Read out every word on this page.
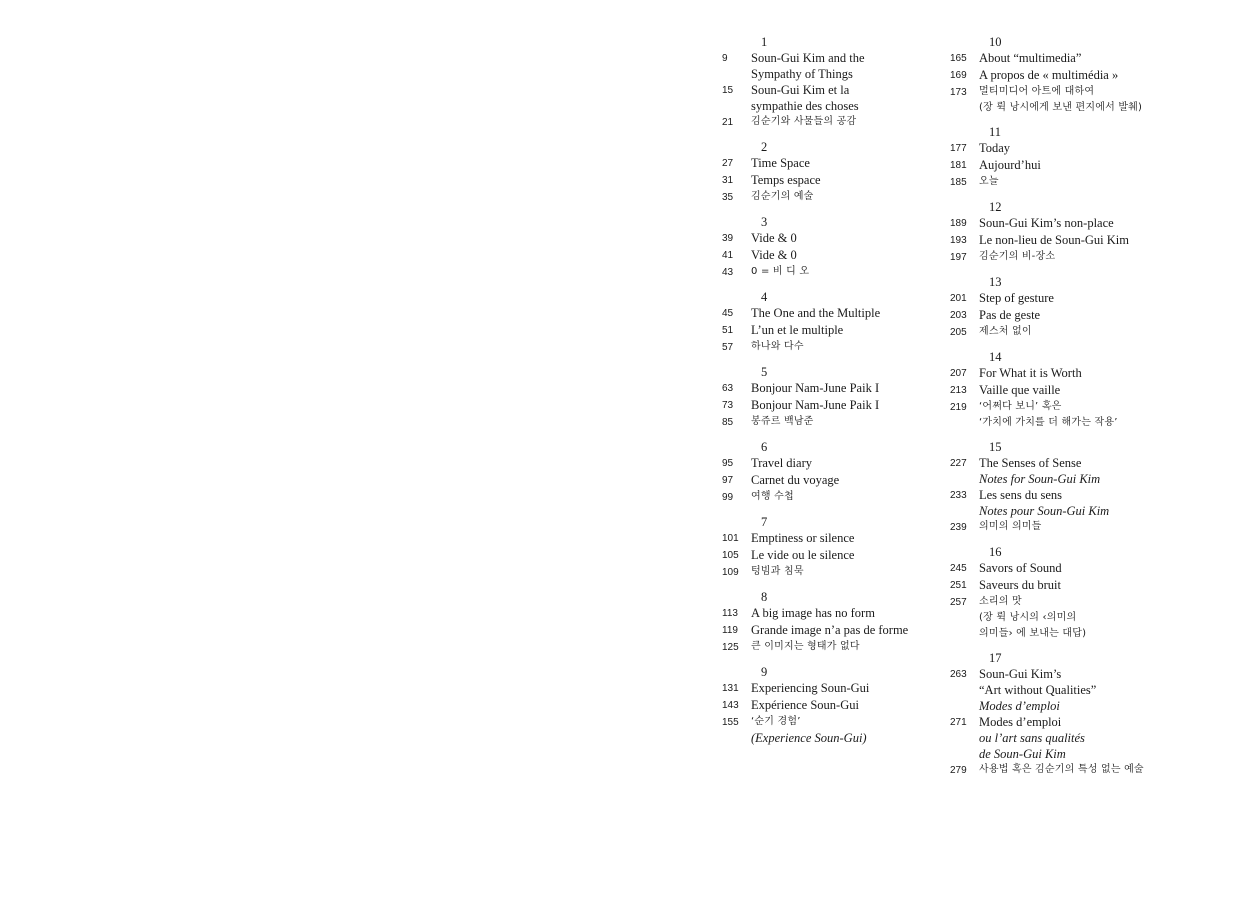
1
9	Soun-Gui Kim and the
Sympathy of Things
15	Soun-Gui Kim et la
sympathie des choses
21	김순기와 사물들의 공감
2
27	Time Space
31	Temps espace
35	김순기의 예술
3
39	Vide & 0
41	Vide & 0
43	0 = 비 디 오
4
45	The One and the Multiple
51	L’un et le multiple
57	하나와 다수
5
63	Bonjour Nam-June Paik I
73	Bonjour Nam-June Paik I
85	봉쥬르 백남준
6
95	Travel diary
97	Carnet du voyage
99	여행 수첩
7
101 Emptiness or silence
105 Le vide ou le silence
109	텅빔과 침묵
8
113	A big image has no form
119	Grande image n’a pas de forme
125	큰 이미지는 형태가 없다
9
131 Experiencing Soun-Gui
143 Expérience Soun-Gui
155	‘순기 경험’
(Experience Soun-Gui)
10
165 About “multimedia”
169 A propos de « multimédia »
173	멀티미디어 아트에 대하여
(장 뤽 낭시에게 보낸 편지에서 발췌)
11
177 Today
181 Aujourd’hui
185	오늘
12
189 Soun-Gui Kim’s non-place
193 Le non-lieu de Soun-Gui Kim
197	김순기의 비-장소
13
201 Step of gesture
203 Pas de geste
205	제스처 없이
14
207 For What it is Worth
213 Vaille que vaille
219	‘어쩌다 보니’ 혹은
‘가치에 가치를 더 해가는 작용’
15
227 The Senses of Sense
Notes for Soun-Gui Kim
233 Les sens du sens
Notes pour Soun-Gui Kim
239	의미의 의미들
16
245 Savors of Sound
251 Saveurs du bruit
257	소리의 맛
(장 뤽 낭시의 ‹의미의
의미들› 에 보내는 대답)
17
263 Soun-Gui Kim’s
“Art without Qualities”
Modes d’emploi
271 Modes d’emploi
ou l’art sans qualités
de Soun-Gui Kim
279	사용법 혹은 김순기의 특성 없는 예술
